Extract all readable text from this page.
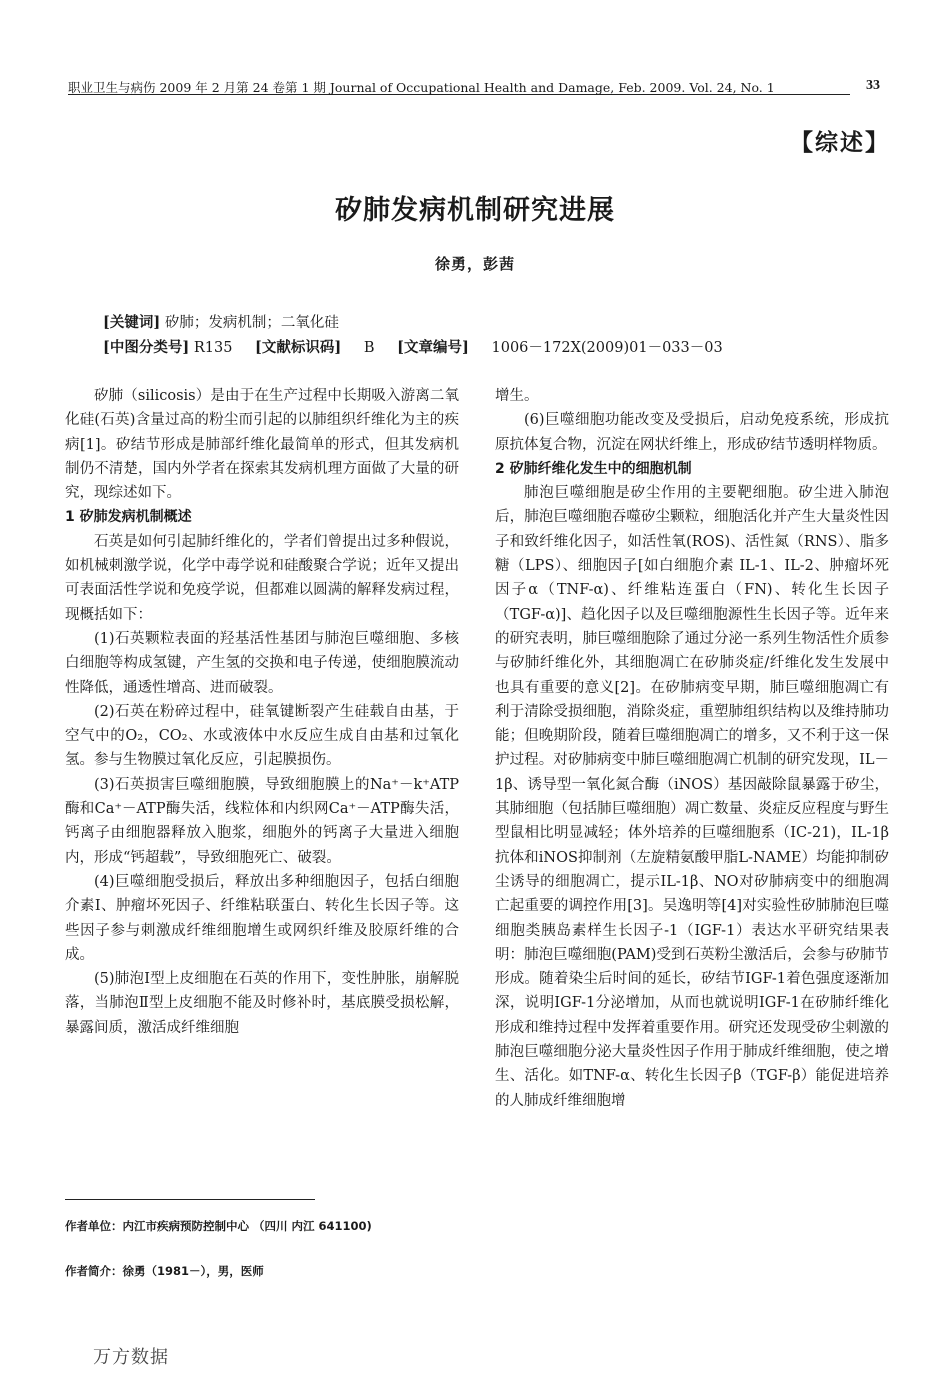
职业卫生与病伤 2009 年 2 月第 24 卷第 1 期 Journal of Occupational Health and Damage, Feb. 2009. Vol. 24, No. 1	33
【综述】
矽肺发病机制研究进展
徐勇，彭茜
[关键词] 矽肺；发病机制；二氧化硅
[中图分类号] R135 [文献标识码] B [文章编号] 1006－172X(2009)01－033－03

矽肺（silicosis）是由于在生产过程中长期吸入游离二氧化硅(石英)含量过高的粉尘而引起的以肺组织纤维化为主的疾病[1]。矽结节形成是肺部纤维化最简单的形式，但其发病机制仍不清楚，国内外学者在探索其发病机理方面做了大量的研究，现综述如下。

1 矽肺发病机制概述

石英是如何引起肺纤维化的，学者们曾提出过多种假说，如机械刺激学说，化学中毒学说和硅酸聚合学说；近年又提出可表面活性学说和免疫学说，但都难以圆满的解释发病过程，现概括如下：

(1)石英颗粒表面的羟基活性基团与肺泡巨噬细胞、多核白细胞等构成氢键，产生氢的交换和电子传递，使细胞膜流动性降低，通透性增高、进而破裂。

(2)石英在粉碎过程中，硅氧键断裂产生硅载自由基，于空气中的O₂，CO₂、水或液体中水反应生成自由基和过氧化氢。参与生物膜过氧化反应，引起膜损伤。

(3)石英损害巨噬细胞膜，导致细胞膜上的Na⁺－k⁺ATP酶和Ca⁺－ATP酶失活，线粒体和内织网Ca⁺－ATP酶失活，钙离子由细胞器释放入胞浆，细胞外的钙离子大量进入细胞内，形成“钙超载”，导致细胞死亡、破裂。

(4)巨噬细胞受损后，释放出多种细胞因子，包括白细胞介素Ⅰ、肿瘤坏死因子、纤维粘联蛋白、转化生长因子等。这些因子参与刺激成纤维细胞增生或网织纤维及胶原纤维的合成。

(5)肺泡Ⅰ型上皮细胞在石英的作用下，变性肿胀，崩解脱落，当肺泡Ⅱ型上皮细胞不能及时修补时，基底膜受损松解，暴露间质，激活成纤维细胞

增生。

(6)巨噬细胞功能改变及受损后，启动免疫系统，形成抗原抗体复合物，沉淀在网状纤维上，形成矽结节透明样物质。

2 矽肺纤维化发生中的细胞机制

肺泡巨噬细胞是矽尘作用的主要靶细胞。矽尘进入肺泡后，肺泡巨噬细胞吞噬矽尘颗粒，细胞活化并产生大量炎性因子和致纤维化因子，如活性氧(ROS)、活性氮（RNS）、脂多糖（LPS）、细胞因子[如白细胞介素 IL-1、IL-2、肿瘤坏死因子α（TNF-α)、纤维粘连蛋白（FN)、转化生长因子（TGF-α)]、趋化因子以及巨噬细胞源性生长因子等。近年来的研究表明，肺巨噬细胞除了通过分泌一系列生物活性介质参与矽肺纤维化外，其细胞凋亡在矽肺炎症/纤维化发生发展中也具有重要的意义[2]。在矽肺病变早期，肺巨噬细胞凋亡有利于清除受损细胞，消除炎症，重塑肺组织结构以及维持肺功能；但晚期阶段，随着巨噬细胞凋亡的增多，又不利于这一保护过程。对矽肺病变中肺巨噬细胞凋亡机制的研究发现，IL－1β、诱导型一氧化氮合酶（iNOS）基因敲除鼠暴露于矽尘，其肺细胞（包括肺巨噬细胞）凋亡数量、炎症反应程度与野生型鼠相比明显减轻；体外培养的巨噬细胞系（IC-21)，IL-1β抗体和iNOS抑制剂（左旋精氨酸甲脂L-NAME）均能抑制矽尘诱导的细胞凋亡，提示IL-1β、NO对矽肺病变中的细胞凋亡起重要的调控作用[3]。吴逸明等[4]对实验性矽肺肺泡巨噬细胞类胰岛素样生长因子-1（IGF-1）表达水平研究结果表明：肺泡巨噬细胞(PAM)受到石英粉尘激活后，会参与矽肺节形成。随着染尘后时间的延长，矽结节IGF-1着色强度逐渐加深，说明IGF-1分泌增加，从而也就说明IGF-1在矽肺纤维化形成和维持过程中发挥着重要作用。研究还发现受矽尘刺激的肺泡巨噬细胞分泌大量炎性因子作用于肺成纤维细胞，使之增生、活化。如TNF-α、转化生长因子β（TGF-β）能促进培养的人肺成纤维细胞增

作者单位：内江市疾病预防控制中心 （四川 内江 641100)
作者简介：徐勇（1981－），男，医师
万方数据
